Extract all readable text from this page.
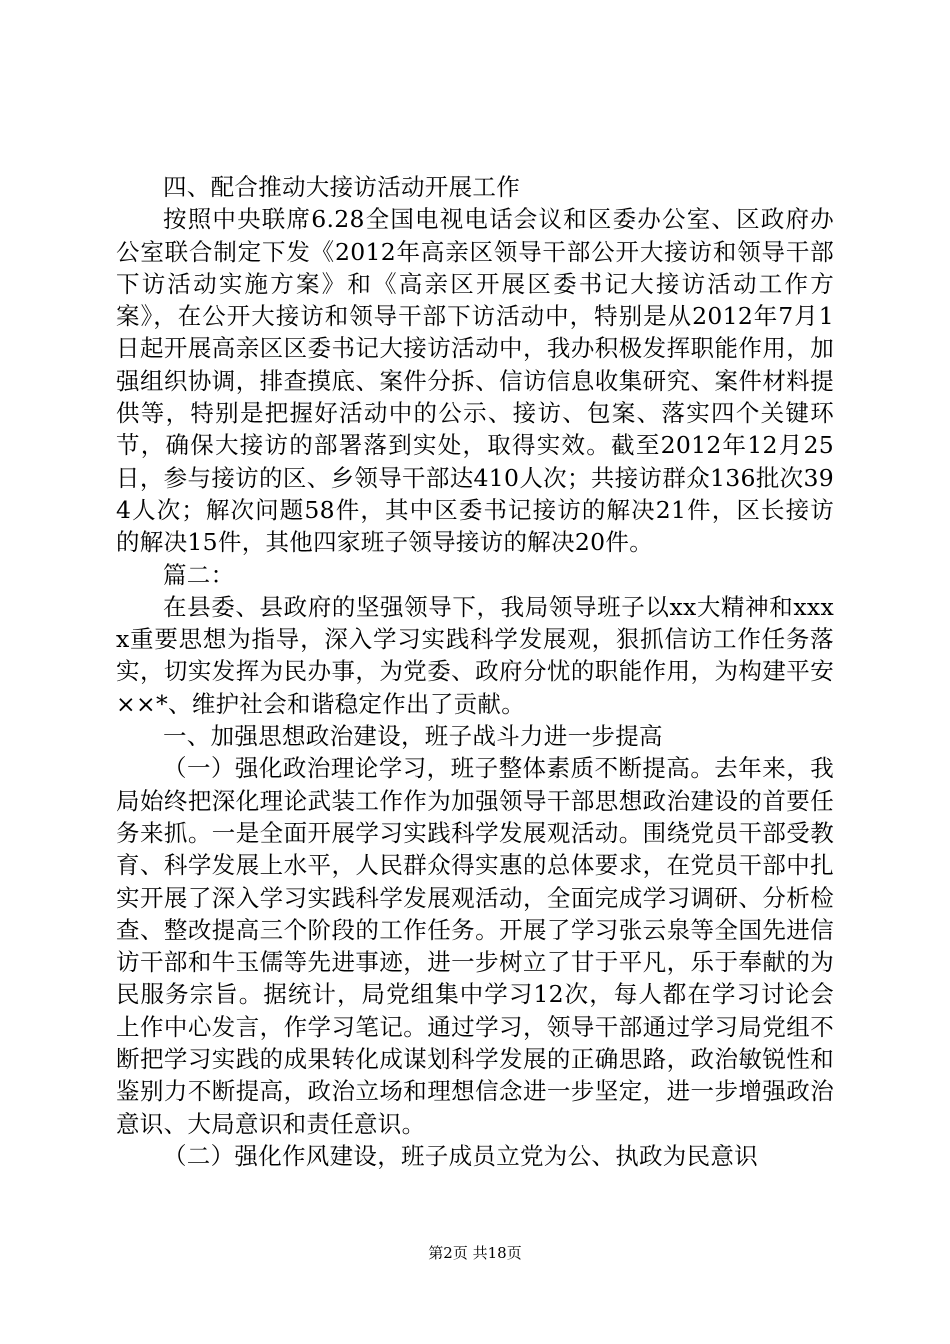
四、配合推动大接访活动开展工作

按照中央联席6.28全国电视电话会议和区委办公室、区政府办公室联合制定下发《2012年高亲区领导干部公开大接访和领导干部下访活动实施方案》和《高亲区开展区委书记大接访活动工作方案》，在公开大接访和领导干部下访活动中，特别是从2012年7月1日起开展高亲区区委书记大接访活动中，我办积极发挥职能作用，加强组织协调，排查摸底、案件分拆、信访信息收集研究、案件材料提供等，特别是把握好活动中的公示、接访、包案、落实四个关键环节，确保大接访的部署落到实处，取得实效。截至2012年12月25日，参与接访的区、乡领导干部达410人次；共接访群众136批次394人次；解次问题58件，其中区委书记接访的解决21件，区长接访的解决15件，其他四家班子领导接访的解决20件。

篇二：

在县委、县政府的坚强领导下，我局领导班子以xx大精神和xxxx重要思想为指导，深入学习实践科学发展观，狠抓信访工作任务落实，切实发挥为民办事，为党委、政府分忧的职能作用，为构建平安××*、维护社会和谐稳定作出了贡献。

一、加强思想政治建设，班子战斗力进一步提高

（一）强化政治理论学习，班子整体素质不断提高。去年来，我局始终把深化理论武装工作作为加强领导干部思想政治建设的首要任务来抓。一是全面开展学习实践科学发展观活动。围绕党员干部受教育、科学发展上水平，人民群众得实惠的总体要求，在党员干部中扎实开展了深入学习实践科学发展观活动，全面完成学习调研、分析检查、整改提高三个阶段的工作任务。开展了学习张云泉等全国先进信访干部和牛玉儒等先进事迹，进一步树立了甘于平凡，乐于奉献的为民服务宗旨。据统计，局党组集中学习12次，每人都在学习讨论会上作中心发言，作学习笔记。通过学习，领导干部通过学习局党组不断把学习实践的成果转化成谋划科学发展的正确思路，政治敏锐性和鉴别力不断提高，政治立场和理想信念进一步坚定，进一步增强政治意识、大局意识和责任意识。

（二）强化作风建设，班子成员立党为公、执政为民意识

第2页 共18页
